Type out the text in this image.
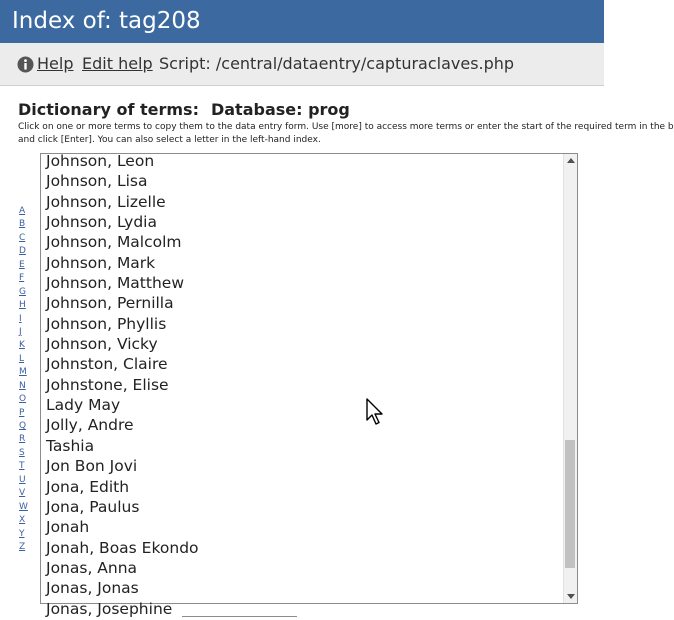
Index of: tag208
Help Edit help Script: /central/dataentry/capturaclaves.php
Dictionary of terms: Database: prog
Click on one or more terms to copy them to the data entry form. Use [more] to access more terms or enter the start of the required term in the b
and click [Enter]. You can also select a letter in the left-hand index.
A
B
C
D
E
F
G
H
I
J
K
L
M
N
O
P
Q
R
S
T
U
V
W
X
Y
Z
Johnson, Leon
Johnson, Lisa
Johnson, Lizelle
Johnson, Lydia
Johnson, Malcolm
Johnson, Mark
Johnson, Matthew
Johnson, Pernilla
Johnson, Phyllis
Johnson, Vicky
Johnston, Claire
Johnstone, Elise
Lady May
Jolly, Andre
Tashia
Jon Bon Jovi
Jona, Edith
Jona, Paulus
Jonah
Jonah, Boas Ekondo
Jonas, Anna
Jonas, Jonas
Jonas, Josephine
